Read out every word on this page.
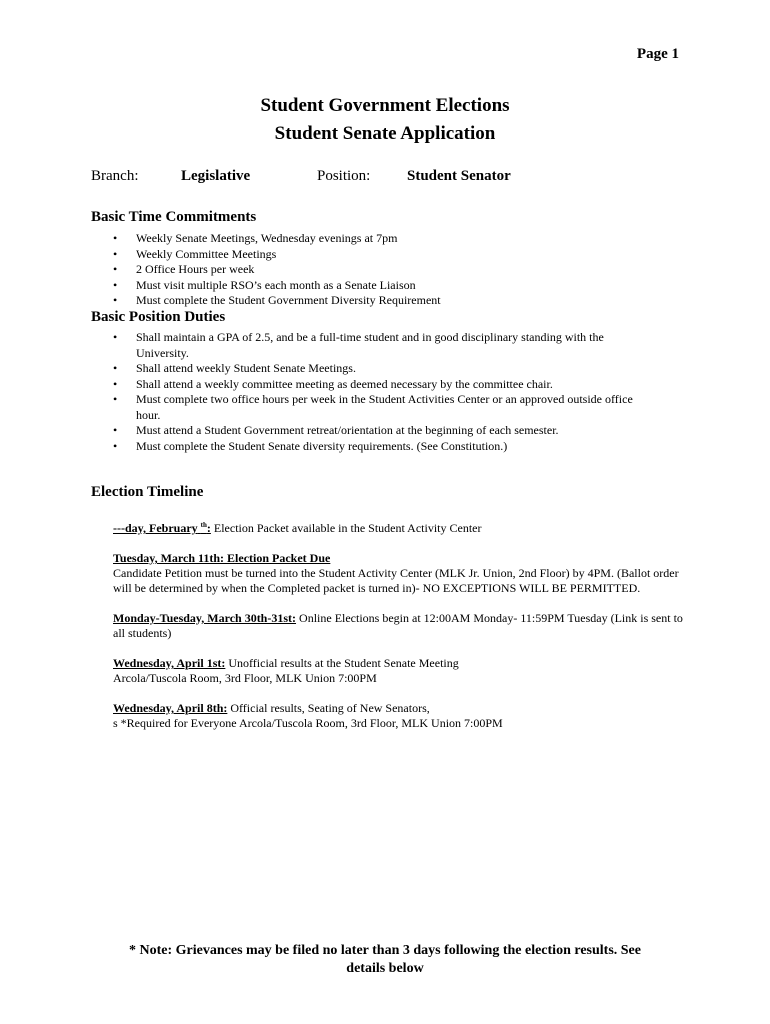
Page 1
Student Government Elections
Student Senate Application
Branch:	Legislative	Position: Student Senator
Basic Time Commitments
• Weekly Senate Meetings, Wednesday evenings at 7pm
• Weekly Committee Meetings
• 2 Office Hours per week
• Must visit multiple RSO’s each month as a Senate Liaison
• Must complete the Student Government Diversity Requirement
Basic Position Duties
• Shall maintain a GPA of 2.5, and be a full-time student and in good disciplinary standing with the University.
• Shall attend weekly Student Senate Meetings.
• Shall attend a weekly committee meeting as deemed necessary by the committee chair.
• Must complete two office hours per week in the Student Activities Center or an approved outside office hour.
• Must attend a Student Government retreat/orientation at the beginning of each semester.
• Must complete the Student Senate diversity requirements. (See Constitution.)
Election Timeline
---day, February $^{th}$: Election Packet available in the Student Activity Center
Tuesday, March 11th: Election Packet Due
Candidate Petition must be turned into the Student Activity Center (MLK Jr. Union, 2nd Floor) by 4PM. (Ballot order will be determined by when the Completed packet is turned in)- NO EXCEPTIONS WILL BE PERMITTED.
Monday-Tuesday, March 30th-31st: Online Elections begin at 12:00AM Monday- 11:59PM Tuesday (Link is sent to all students)
Wednesday, April 1st: Unofficial results at the Student Senate Meeting
Arcola/Tuscola Room, 3rd Floor, MLK Union 7:00PM
Wednesday, April 8th: Official results, Seating of New Senators,
s *Required for Everyone Arcola/Tuscola Room, 3rd Floor, MLK Union 7:00PM
* Note: Grievances may be filed no later than 3 days following the election results. See
details below
